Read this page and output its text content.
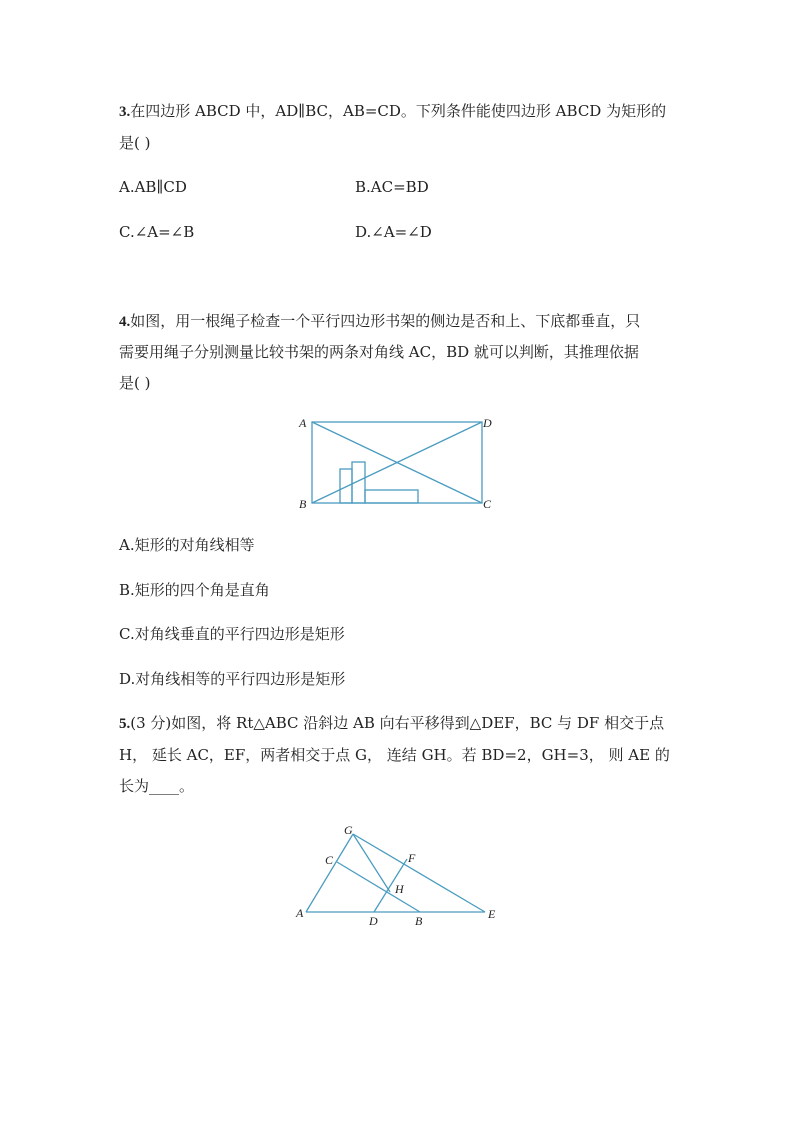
3.在四边形 ABCD 中，AD∥BC，AB=CD。下列条件能使四边形 ABCD 为矩形的
是( )
A.AB∥CD	B.AC=BD
C.∠A=∠B	D.∠A=∠D
4.如图，用一根绳子检查一个平行四边形书架的侧边是否和上、下底都垂直，只
需要用绳子分别测量比较书架的两条对角线 AC，BD 就可以判断，其推理依据
是( )
A	D
B	C
A.矩形的对角线相等
B.矩形的四个角是直角
C.对角线垂直的平行四边形是矩形
D.对角线相等的平行四边形是矩形
5.(3 分)如图，将 Rt△ABC 沿斜边 AB 向右平移得到△DEF，BC 与 DF 相交于点
H， 延长 AC，EF，两者相交于点 G， 连结 GH。若 BD=2，GH=3， 则 AE 的
长为____。
G
C	F
H
A
D	B	E
